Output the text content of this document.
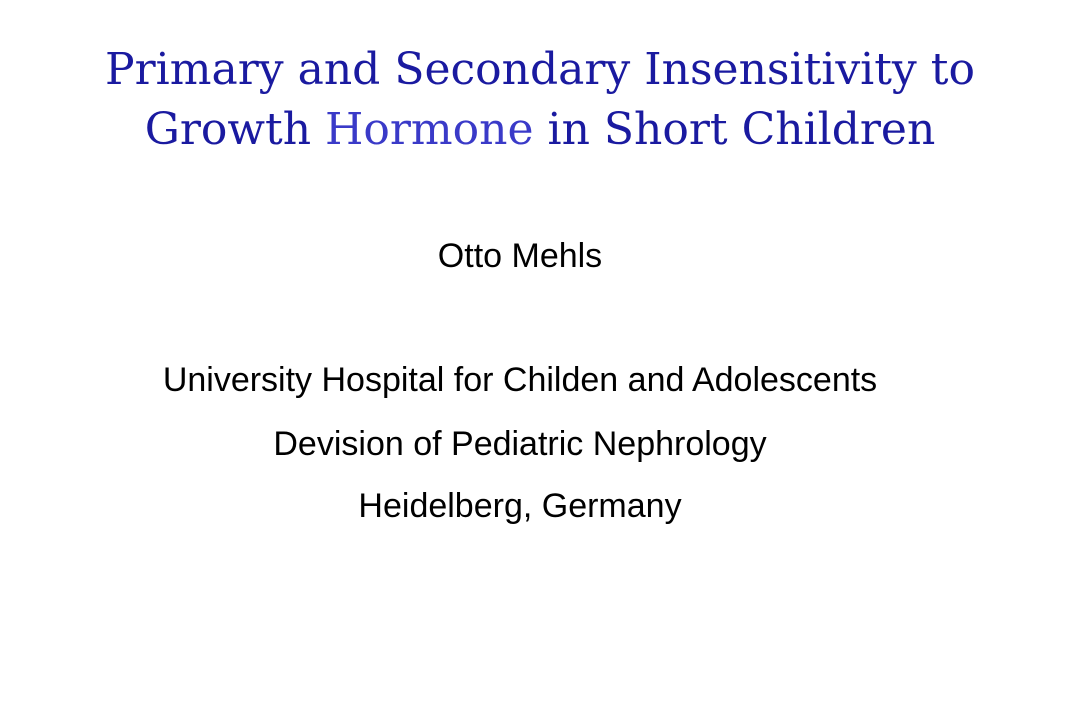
Primary and Secondary Insensitivity to Growth Hormone in Short Children
Otto Mehls
University Hospital for Childen and Adolescents
Devision of Pediatric Nephrology
Heidelberg, Germany
